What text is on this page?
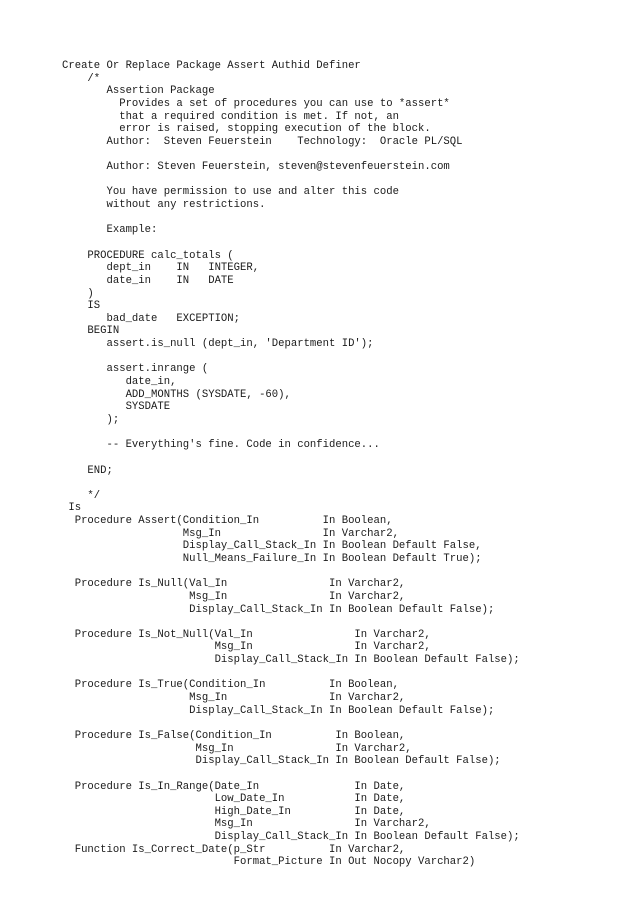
Create Or Replace Package Assert Authid Definer
/*
Assertion Package
Provides a set of procedures you can use to *assert*
that a required condition is met. If not, an
error is raised, stopping execution of the block.
Author:  Steven Feuerstein    Technology:  Oracle PL/SQL
Author: Steven Feuerstein, steven@stevenfeuerstein.com
You have permission to use and alter this code
without any restrictions.
Example:
PROCEDURE calc_totals (
dept_in    IN   INTEGER,
date_in    IN   DATE
)
IS
bad_date   EXCEPTION;
BEGIN
assert.is_null (dept_in, 'Department ID');
assert.inrange (
date_in,
ADD_MONTHS (SYSDATE, -60),
SYSDATE
);
-- Everything's fine. Code in confidence...
END;
*/
Is
Procedure Assert(Condition_In          In Boolean,
Msg_In                In Varchar2,
Display_Call_Stack_In In Boolean Default False,
Null_Means_Failure_In In Boolean Default True);
Procedure Is_Null(Val_In                In Varchar2,
Msg_In                In Varchar2,
Display_Call_Stack_In In Boolean Default False);
Procedure Is_Not_Null(Val_In                In Varchar2,
Msg_In                In Varchar2,
Display_Call_Stack_In In Boolean Default False);
Procedure Is_True(Condition_In          In Boolean,
Msg_In                In Varchar2,
Display_Call_Stack_In In Boolean Default False);
Procedure Is_False(Condition_In          In Boolean,
Msg_In                In Varchar2,
Display_Call_Stack_In In Boolean Default False);
Procedure Is_In_Range(Date_In               In Date,
Low_Date_In           In Date,
High_Date_In          In Date,
Msg_In                In Varchar2,
Display_Call_Stack_In In Boolean Default False);
Function Is_Correct_Date(p_Str          In Varchar2,
Format_Picture In Out Nocopy Varchar2)
